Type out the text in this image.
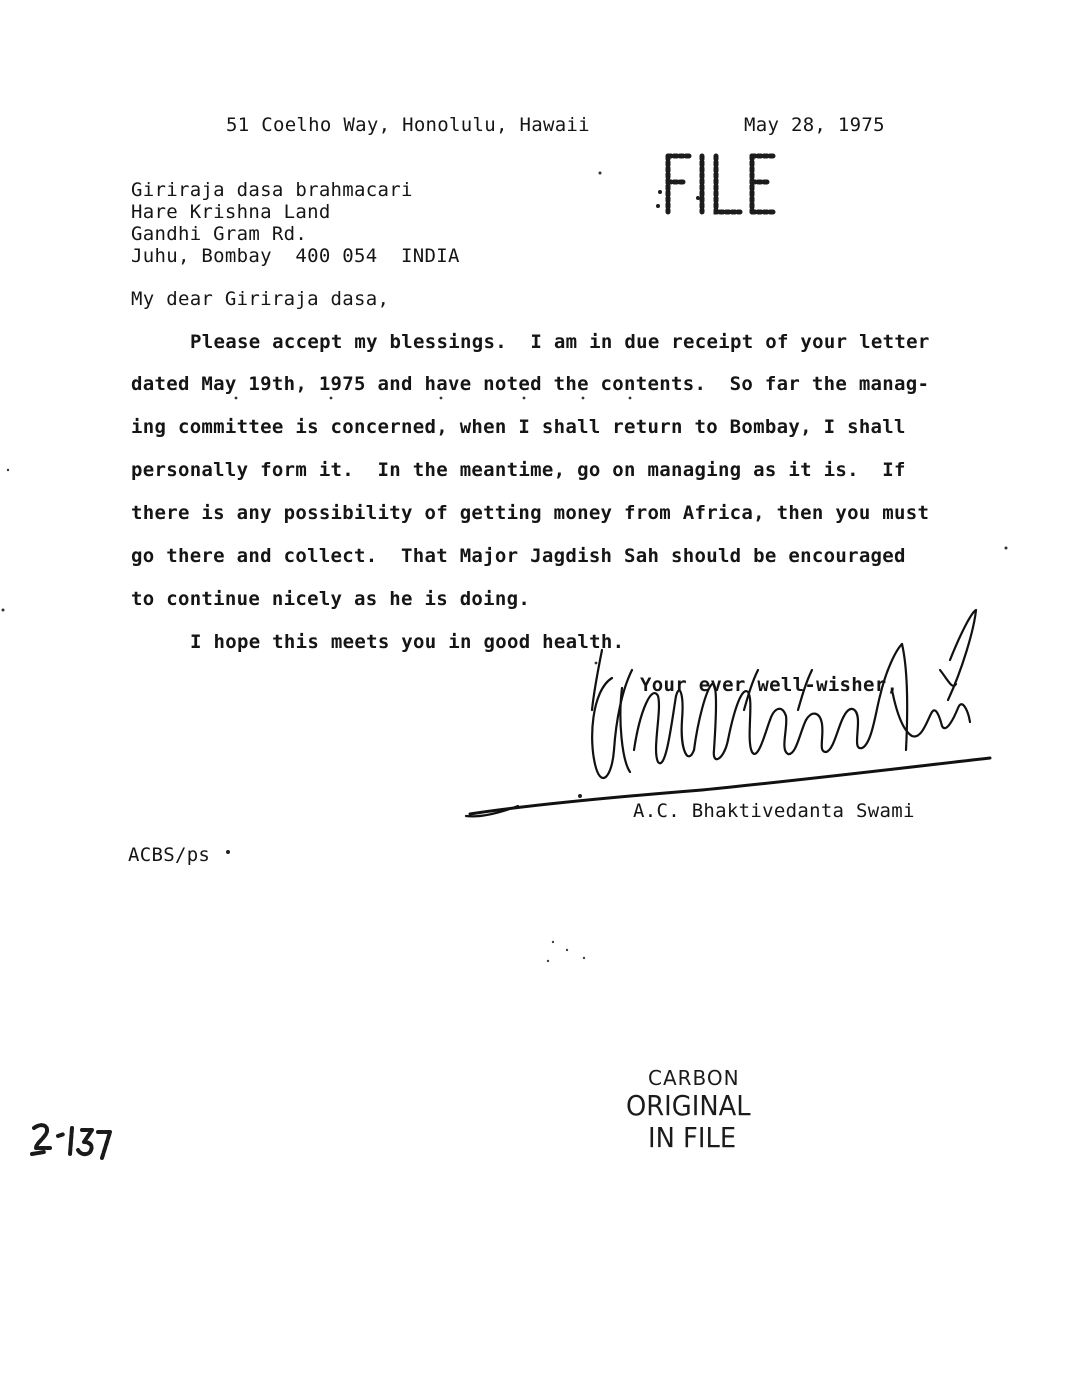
51 Coelho Way, Honolulu, Hawaii	May 28, 1975
Giriraja dasa brahmacari
Hare Krishna Land
Gandhi Gram Rd.
Juhu, Bombay  400 054  INDIA
My dear Giriraja dasa,
Please accept my blessings.  I am in due receipt of your letter
dated May 19th, 1975 and have noted the contents.  So far the manag-
ing committee is concerned, when I shall return to Bombay, I shall
personally form it.  In the meantime, go on managing as it is.  If
there is any possibility of getting money from Africa, then you must
go there and collect.  That Major Jagdish Sah should be encouraged
to continue nicely as he is doing.
I hope this meets you in good health.
Your ever well-wisher,
A.C. Bhaktivedanta Swami
ACBS/ps
CARBON
ORIGINAL
IN FILE
